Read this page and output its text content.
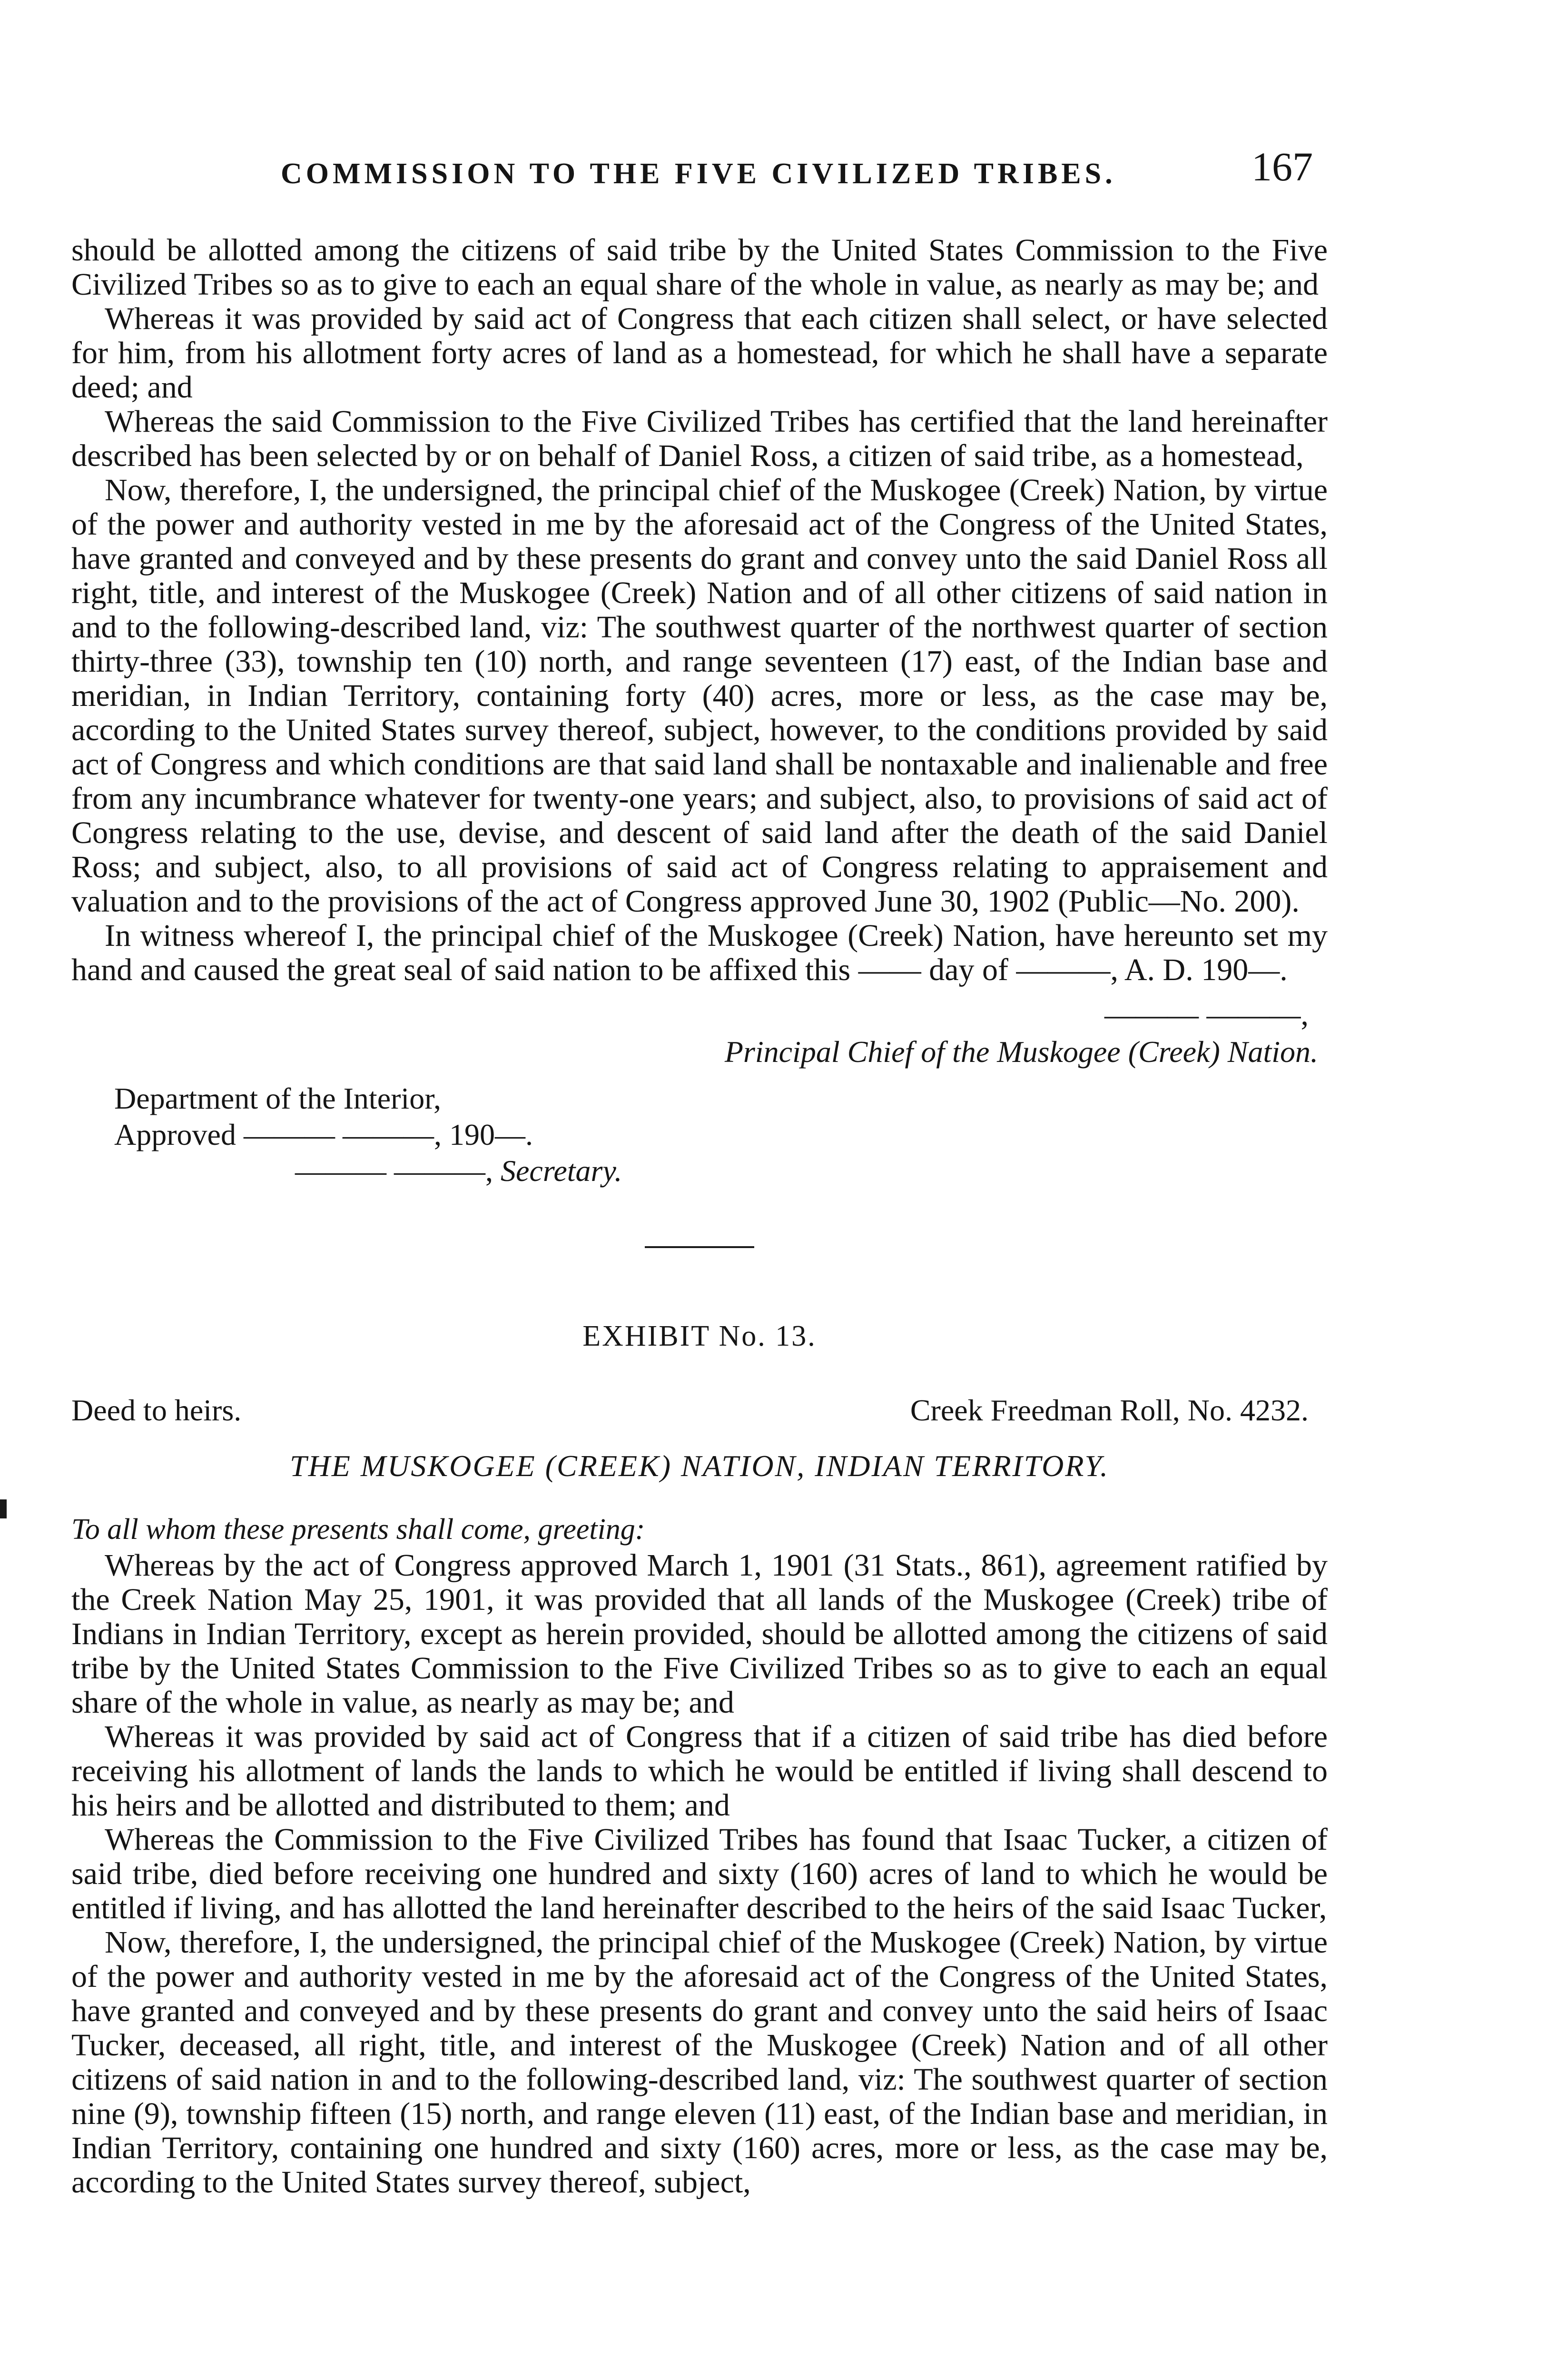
COMMISSION TO THE FIVE CIVILIZED TRIBES.	167

should be allotted among the citizens of said tribe by the United States Commission to the Five Civilized Tribes so as to give to each an equal share of the whole in value, as nearly as may be; and

Whereas it was provided by said act of Congress that each citizen shall select, or have selected for him, from his allotment forty acres of land as a homestead, for which he shall have a separate deed; and

Whereas the said Commission to the Five Civilized Tribes has certified that the land hereinafter described has been selected by or on behalf of Daniel Ross, a citizen of said tribe, as a homestead,

Now, therefore, I, the undersigned, the principal chief of the Muskogee (Creek) Nation, by virtue of the power and authority vested in me by the aforesaid act of the Congress of the United States, have granted and conveyed and by these presents do grant and convey unto the said Daniel Ross all right, title, and interest of the Muskogee (Creek) Nation and of all other citizens of said nation in and to the following-described land, viz: The southwest quarter of the northwest quarter of section thirty-three (33), township ten (10) north, and range seventeen (17) east, of the Indian base and meridian, in Indian Territory, containing forty (40) acres, more or less, as the case may be, according to the United States survey thereof, subject, however, to the conditions provided by said act of Congress and which conditions are that said land shall be nontaxable and inalienable and free from any incumbrance whatever for twenty-one years; and subject, also, to provisions of said act of Congress relating to the use, devise, and descent of said land after the death of the said Daniel Ross; and subject, also, to all provisions of said act of Congress relating to appraisement and valuation and to the provisions of the act of Congress approved June 30, 1902 (Public—No. 200).

In witness whereof I, the principal chief of the Muskogee (Creek) Nation, have hereunto set my hand and caused the great seal of said nation to be affixed this —— day of ———, A. D. 190—.

——— ———,
Principal Chief of the Muskogee (Creek) Nation.
Department of the Interior,
Approved ——— ———, 190—.
——— ———, Secretary.
EXHIBIT No. 13.
Deed to heirs.	Creek Freedman Roll, No. 4232.
THE MUSKOGEE (CREEK) NATION, INDIAN TERRITORY.
To all whom these presents shall come, greeting:

Whereas by the act of Congress approved March 1, 1901 (31 Stats., 861), agreement ratified by the Creek Nation May 25, 1901, it was provided that all lands of the Muskogee (Creek) tribe of Indians in Indian Territory, except as herein provided, should be allotted among the citizens of said tribe by the United States Commission to the Five Civilized Tribes so as to give to each an equal share of the whole in value, as nearly as may be; and

Whereas it was provided by said act of Congress that if a citizen of said tribe has died before receiving his allotment of lands the lands to which he would be entitled if living shall descend to his heirs and be allotted and distributed to them; and

Whereas the Commission to the Five Civilized Tribes has found that Isaac Tucker, a citizen of said tribe, died before receiving one hundred and sixty (160) acres of land to which he would be entitled if living, and has allotted the land hereinafter described to the heirs of the said Isaac Tucker,

Now, therefore, I, the undersigned, the principal chief of the Muskogee (Creek) Nation, by virtue of the power and authority vested in me by the aforesaid act of the Congress of the United States, have granted and conveyed and by these presents do grant and convey unto the said heirs of Isaac Tucker, deceased, all right, title, and interest of the Muskogee (Creek) Nation and of all other citizens of said nation in and to the following-described land, viz: The southwest quarter of section nine (9), township fifteen (15) north, and range eleven (11) east, of the Indian base and meridian, in Indian Territory, containing one hundred and sixty (160) acres, more or less, as the case may be, according to the United States survey thereof, subject,
